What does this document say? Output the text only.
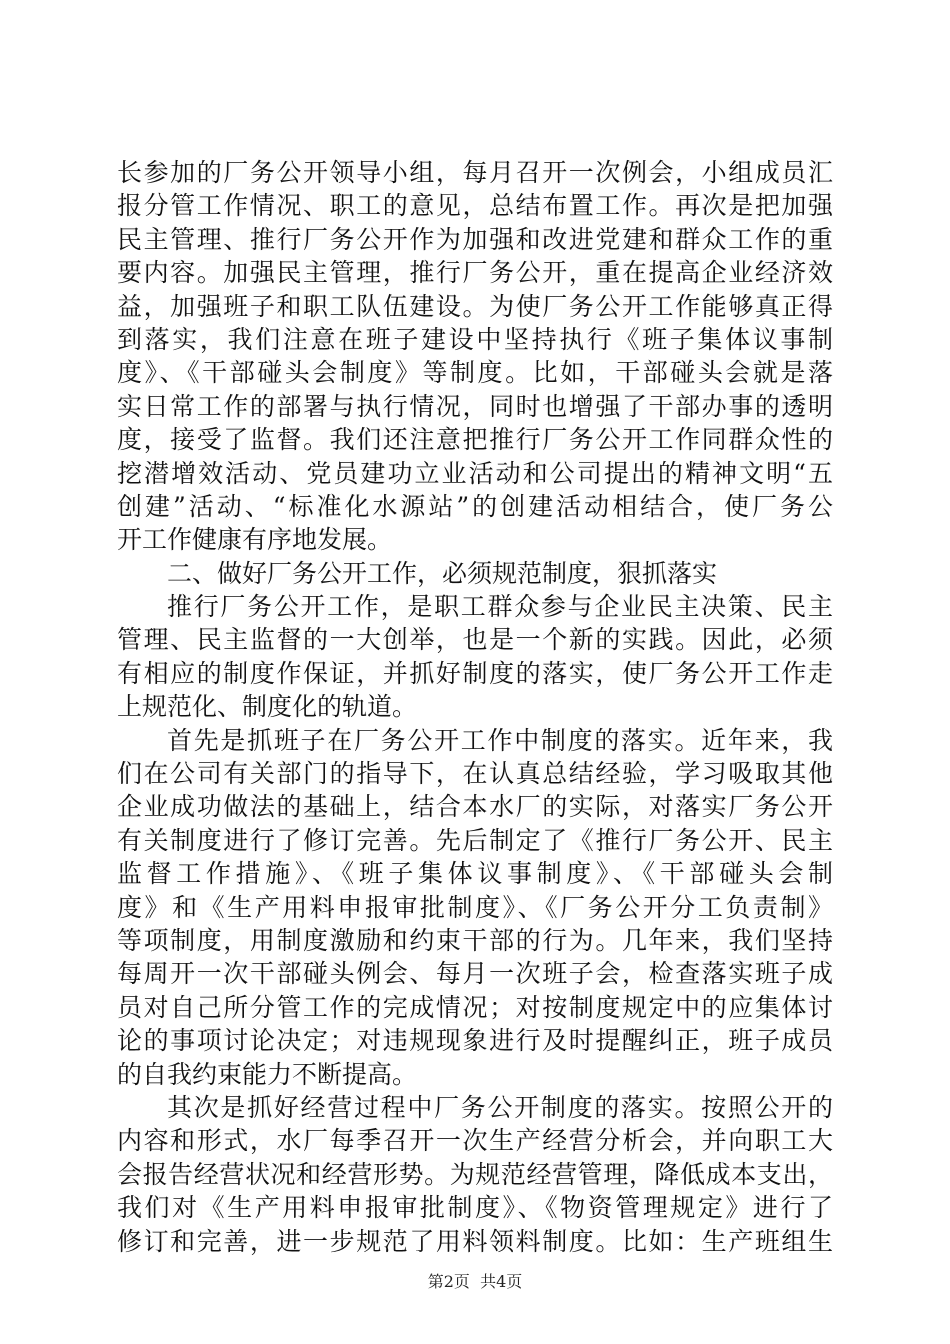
长参加的厂务公开领导小组，每月召开一次例会，小组成员汇
报分管工作情况、职工的意见，总结布置工作。再次是把加强
民主管理、推行厂务公开作为加强和改进党建和群众工作的重
要内容。加强民主管理，推行厂务公开，重在提高企业经济效
益，加强班子和职工队伍建设。为使厂务公开工作能够真正得
到落实，我们注意在班子建设中坚持执行《班子集体议事制
度》、《干部碰头会制度》等制度。比如，干部碰头会就是落
实日常工作的部署与执行情况，同时也增强了干部办事的透明
度，接受了监督。我们还注意把推行厂务公开工作同群众性的
挖潜增效活动、党员建功立业活动和公司提出的精神文明“五
创建”活动、“标准化水源站”的创建活动相结合，使厂务公
开工作健康有序地发展。
二、做好厂务公开工作，必须规范制度，狠抓落实
推行厂务公开工作，是职工群众参与企业民主决策、民主
管理、民主监督的一大创举，也是一个新的实践。因此，必须
有相应的制度作保证，并抓好制度的落实，使厂务公开工作走
上规范化、制度化的轨道。
首先是抓班子在厂务公开工作中制度的落实。近年来，我
们在公司有关部门的指导下，在认真总结经验，学习吸取其他
企业成功做法的基础上，结合本水厂的实际，对落实厂务公开
有关制度进行了修订完善。先后制定了《推行厂务公开、民主
监督工作措施》、《班子集体议事制度》、《干部碰头会制
度》和《生产用料申报审批制度》、《厂务公开分工负责制》
等项制度，用制度激励和约束干部的行为。几年来，我们坚持
每周开一次干部碰头例会、每月一次班子会，检查落实班子成
员对自己所分管工作的完成情况；对按制度规定中的应集体讨
论的事项讨论决定；对违规现象进行及时提醒纠正，班子成员
的自我约束能力不断提高。
其次是抓好经营过程中厂务公开制度的落实。按照公开的
内容和形式，水厂每季召开一次生产经营分析会，并向职工大
会报告经营状况和经营形势。为规范经营管理，降低成本支出，
我们对《生产用料申报审批制度》、《物资管理规定》进行了
修订和完善，进一步规范了用料领料制度。比如：生产班组生
第2页  共4页
